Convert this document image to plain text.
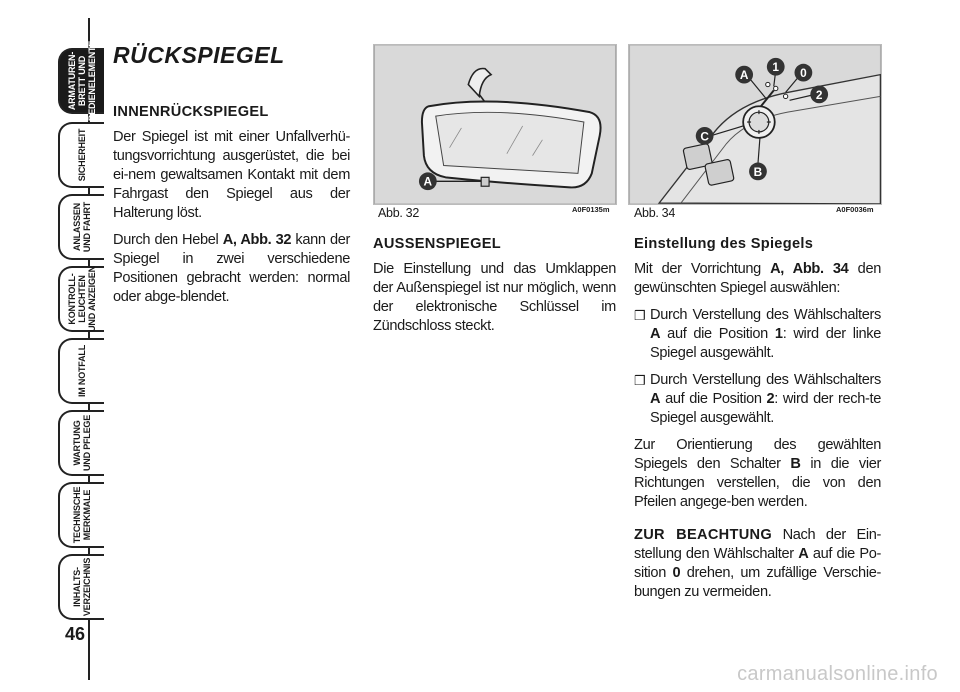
ARMATUREN-
BRETT UND
BEDIENELEMENTE
SICHERHEIT
ANLASSEN
UND FAHRT
KONTROLL-
LEUCHTEN
UND ANZEIGEN
IM NOTFALL
WARTUNG
UND PFLEGE
TECHNISCHE
MERKMALE
INHALTS-
VERZEICHNIS
46
RÜCKSPIEGEL
INNENRÜCKSPIEGEL

Der Spiegel ist mit einer Unfallverhü-tungsvorrichtung ausgerüstet, die bei ei-nem gewaltsamen Kontakt mit dem Fahrgast den Spiegel aus der Halterung löst.

Durch den Hebel A, Abb. 32 kann der Spiegel in zwei verschiedene Positionen gebracht werden: normal oder abge-blendet.

A
Abb. 32	A0F0135m
AUSSENSPIEGEL

Die Einstellung und das Umklappen der Außenspiegel ist nur möglich, wenn der elektronische Schlüssel im Zündschloss steckt.

A
1 0
2
C
B
Abb. 34	A0F0036m
Einstellung des Spiegels

Mit der Vorrichtung A, Abb. 34 den gewünschten Spiegel auswählen:

❒ Durch Verstellung des Wählschalters A auf die Position 1: wird der linke Spiegel ausgewählt.

❒ Durch Verstellung des Wählschalters A auf die Position 2: wird der rech-te Spiegel ausgewählt.

Zur Orientierung des gewählten Spiegels den Schalter B in die vier Richtungen verstellen, die von den Pfeilen angege-ben werden.

ZUR BEACHTUNG Nach der Ein-stellung den Wählschalter A auf die Po-sition 0 drehen, um zufällige Verschie-bungen zu vermeiden.

carmanualsonline.info
